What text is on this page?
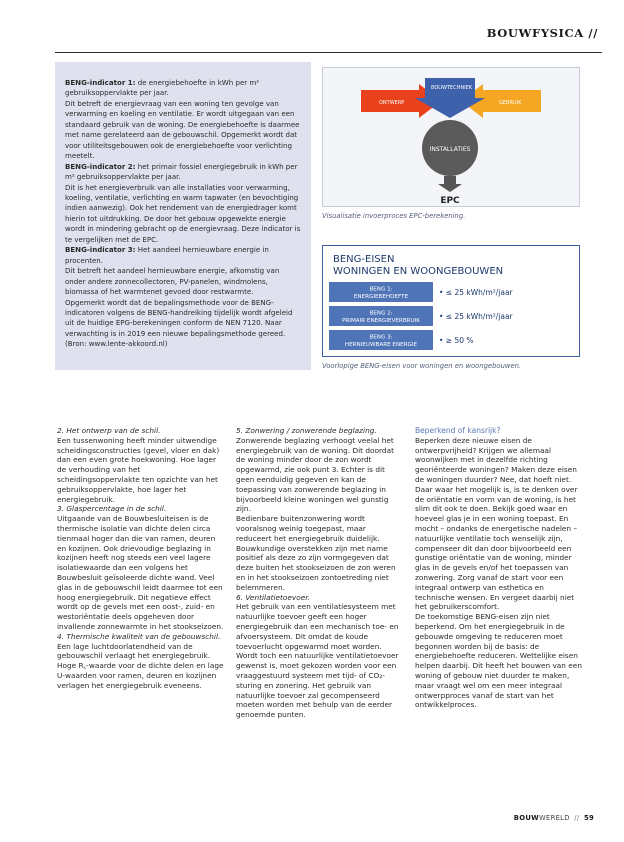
BOUWFYSICA //

BENG-indicator 1: de energiebehoefte in kWh per m² gebruiksoppervlakte per jaar.

Dit betreft de energievraag van een woning ten gevolge van verwarming en koeling en ventilatie. Er wordt uitgegaan van een standaard gebruik van de woning. De energiebehoefte is daarmee met name gerelateerd aan de gebouwschil. Opgemerkt wordt dat voor utiliteitsgebouwen ook de energiebehoefte voor verlichting meetelt.

BENG-indicator 2: het primair fossiel energiegebruik in kWh per m² gebruiksoppervlakte per jaar.

Dit is het energieverbruik van alle installaties voor verwarming, koeling, ventilatie, verlichting en warm tapwater (en bevochtiging indien aanwezig). Ook het rendement van de energiedrager komt hierin tot uitdrukking. De door het gebouw opgewekte energie wordt in mindering gebracht op de energievraag. Deze indicator is te vergelijken met de EPC.

BENG-indicator 3: Het aandeel hernieuwbare energie in procenten.

Dit betreft het aandeel hernieuwbare energie, afkomstig van onder andere zonnecollectoren, PV-panelen, windmolens, biomassa of het warmtenet gevoed door restwarmte.

Opgemerkt wordt dat de bepalingsmethode voor de BENG-indicatoren volgens de BENG-handreiking tijdelijk wordt afgeleid uit de huidige EPG-berekeningen conform de NEN 7120. Naar verwachting is in 2019 een nieuwe bepalingsmethode gereed. (Bron: www.lente-akkoord.nl)

ONTWERP	GEBRUIK
BOUWTECHNIEK
INSTALLATIES
EPC
Visualisatie invoerproces EPC-berekening.
BENG-EISEN
WONINGEN EN WOONGEBOUWEN
BENG 1:
ENERGIEBEHOEFTE	• ≤ 25 kWh/m²/jaar
BENG 2:
PRIMAIR ENERGIEVERBRUIK	• ≤ 25 kWh/m²/jaar
BENG 3:
HERNIEUWBARE ENERGIE	• ≥ 50 %
Voorlopige BENG-eisen voor woningen en woongebouwen.

2. Het ontwerp van de schil.

Een tussenwoning heeft minder uitwendige scheidingsconstructies (gevel, vloer en dak) dan een even grote hoekwoning. Hoe lager de verhouding van het scheidingsoppervlakte ten opzichte van het gebruiksoppervlakte, hoe lager het energiegebruik.

3. Glaspercentage in de schil.

Uitgaande van de Bouwbesluiteisen is de thermische isolatie van dichte delen circa tienmaal hoger dan die van ramen, deuren en kozijnen. Ook drievoudige beglazing in kozijnen heeft nog steeds een veel lagere isolatiewaarde dan een volgens het Bouwbesluit geïsoleerde dichte wand. Veel glas in de gebouwschil leidt daarmee tot een hoog energiegebruik. Dit negatieve effect wordt op de gevels met een oost-, zuid- en westoriëntatie deels opgeheven door invallende zonnewarmte in het stookseizoen.

4. Thermische kwaliteit van de gebouwschil.

Een lage luchtdoorlatendheid van de gebouwschil verlaagt het energiegebruik. Hoge R꜀-waarde voor de dichte delen en lage U-waarden voor ramen, deuren en kozijnen verlagen het energiegebruik eveneens.

5. Zonwering / zonwerende beglazing.

Zonwerende beglazing verhoogt veelal het energiegebruik van de woning. Dit doordat de woning minder door de zon wordt opgewarmd, zie ook punt 3. Echter is dit geen eenduidig gegeven en kan de toepassing van zonwerende beglazing in bijvoorbeeld kleine woningen wel gunstig zijn.

Bedienbare buitenzonwering wordt vooralsnog weinig toegepast, maar reduceert het energiegebruik duidelijk. Bouwkundige overstekken zijn met name positief als deze zo zijn vormgegeven dat deze buiten het stookseizoen de zon weren en in het stookseizoen zontoetreding niet belemmeren.

6. Ventilatietoevoer.

Het gebruik van een ventilatiesysteem met natuurlijke toevoer geeft een hoger energiegebruik dan een mechanisch toe- en afvoersysteem. Dit omdat de koude toevoerlucht opgewarmd moet worden. Wordt toch een natuurlijke ventilatietoevoer gewenst is, moet gekozen worden voor een vraaggestuurd systeem met tijd- of CO₂-sturing en zonering. Het gebruik van natuurlijke toevoer zal gecompenseerd moeten worden met behulp van de eerder genoemde punten.

Beperkend of kansrijk?

Beperken deze nieuwe eisen de ontwerpvrijheid? Krijgen we allemaal woonwijken met in dezelfde richting georiënteerde woningen? Maken deze eisen de woningen duurder? Nee, dat hoeft niet.

Daar waar het mogelijk is, is te denken over de oriëntatie en vorm van de woning, is het slim dit ook te doen. Bekijk goed waar en hoeveel glas je in een woning toepast. En mocht – ondanks de energetische nadelen – natuurlijke ventilatie toch wenselijk zijn, compenseer dit dan door bijvoorbeeld een gunstige oriëntatie van de woning, minder glas in de gevels en/of het toepassen van zonwering. Zorg vanaf de start voor een integraal ontwerp van esthetica en technische wensen. En vergeet daarbij niet het gebruikerscomfort.

De toekomstige BENG-eisen zijn niet beperkend. Om het energiegebruik in de gebouwde omgeving te reduceren moet begonnen worden bij de basis: de energiebehoefte reduceren. Wettelijke eisen helpen daarbij. Dit heeft het bouwen van een woning of gebouw niet duurder te maken, maar vraagt wel om een meer integraal ontwerpproces vanaf de start van het ontwikkelproces.

BOUWWERELD // 59
